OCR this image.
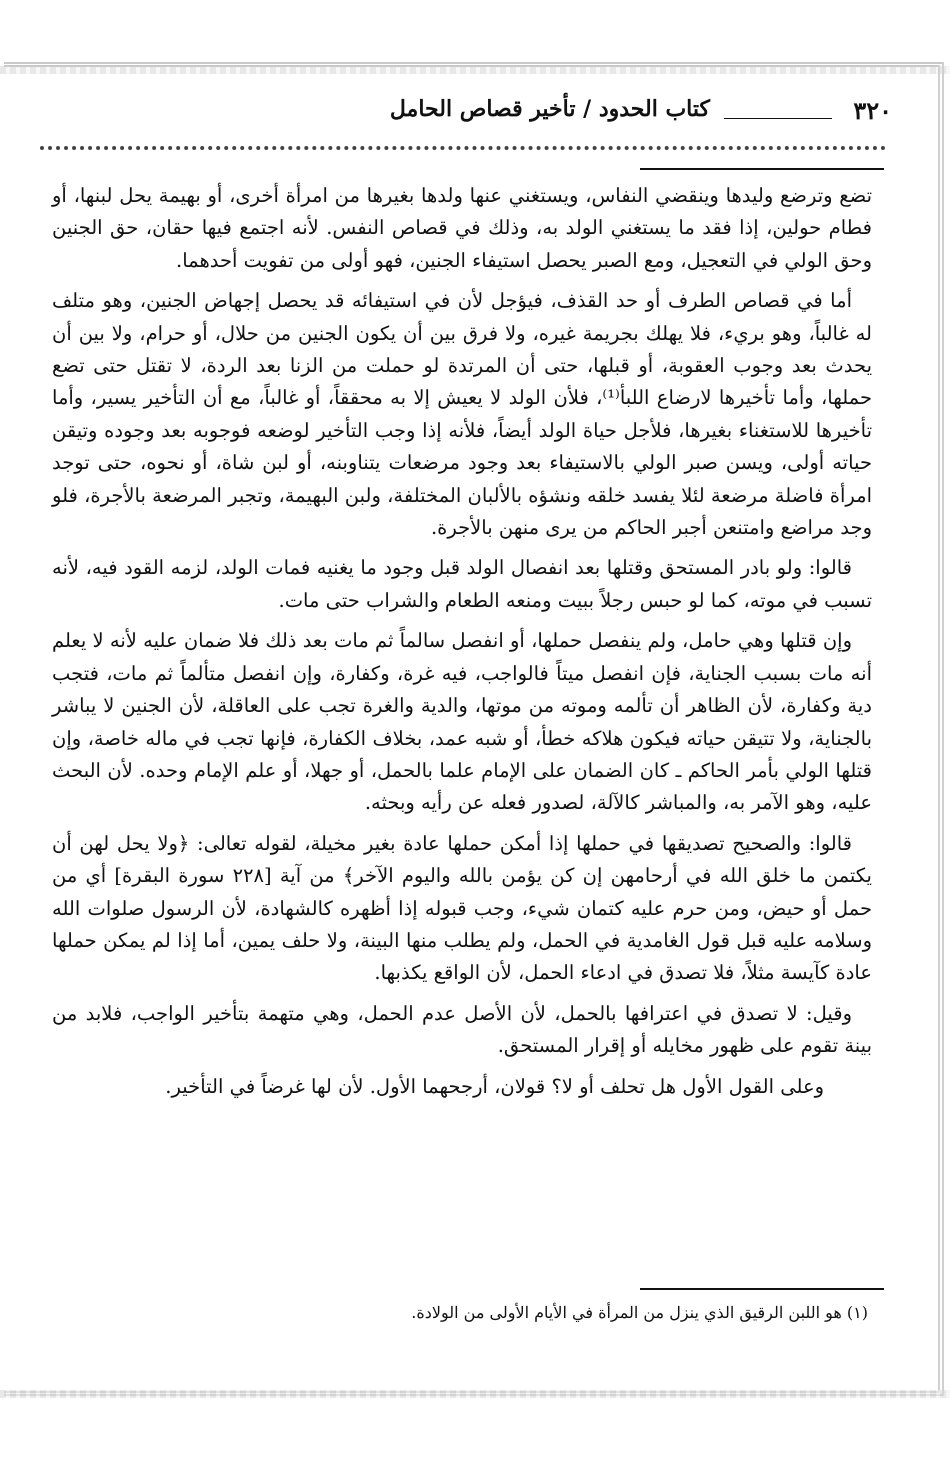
٣٢٠
كتاب الحدود / تأخير قصاص الحامل

تضع وترضع وليدها وينقضي النفاس، ويستغني عنها ولدها بغيرها من امرأة أخرى، أو بهيمة يحل لبنها، أو فطام حولين، إذا فقد ما يستغني الولد به، وذلك في قصاص النفس. لأنه اجتمع فيها حقان، حق الجنين وحق الولي في التعجيل، ومع الصبر يحصل استيفاء الجنين، فهو أولى من تفويت أحدهما.

أما في قصاص الطرف أو حد القذف، فيؤجل لأن في استيفائه قد يحصل إجهاض الجنين، وهو متلف له غالباً، وهو بريء، فلا يهلك بجريمة غيره، ولا فرق بين أن يكون الجنين من حلال، أو حرام، ولا بين أن يحدث بعد وجوب العقوبة، أو قبلها، حتى أن المرتدة لو حملت من الزنا بعد الردة، لا تقتل حتى تضع حملها، وأما تأخيرها لارضاع اللبأ⁽¹⁾، فلأن الولد لا يعيش إلا به محققاً، أو غالباً، مع أن التأخير يسير، وأما تأخيرها للاستغناء بغيرها، فلأجل حياة الولد أيضاً، فلأنه إذا وجب التأخير لوضعه فوجوبه بعد وجوده وتيقن حياته أولى، ويسن صبر الولي بالاستيفاء بعد وجود مرضعات يتناوبنه، أو لبن شاة، أو نحوه، حتى توجد امرأة فاضلة مرضعة لئلا يفسد خلقه ونشؤه بالألبان المختلفة، ولبن البهيمة، وتجبر المرضعة بالأجرة، فلو وجد مراضع وامتنعن أجبر الحاكم من يرى منهن بالأجرة.

قالوا: ولو بادر المستحق وقتلها بعد انفصال الولد قبل وجود ما يغنيه فمات الولد، لزمه القود فيه، لأنه تسبب في موته، كما لو حبس رجلاً ببيت ومنعه الطعام والشراب حتى مات.

وإن قتلها وهي حامل، ولم ينفصل حملها، أو انفصل سالماً ثم مات بعد ذلك فلا ضمان عليه لأنه لا يعلم أنه مات بسبب الجناية، فإن انفصل ميتاً فالواجب، فيه غرة، وكفارة، وإن انفصل متألماً ثم مات، فتجب دية وكفارة، لأن الظاهر أن تألمه وموته من موتها، والدية والغرة تجب على العاقلة، لأن الجنين لا يباشر بالجناية، ولا تتيقن حياته فيكون هلاكه خطأ، أو شبه عمد، بخلاف الكفارة، فإنها تجب في ماله خاصة، وإن قتلها الولي بأمر الحاكم ـ كان الضمان على الإمام علما بالحمل، أو جهلا، أو علم الإمام وحده. لأن البحث عليه، وهو الآمر به، والمباشر كالآلة، لصدور فعله عن رأيه وبحثه.

قالوا: والصحيح تصديقها في حملها إذا أمكن حملها عادة بغير مخيلة، لقوله تعالى: ﴿ولا يحل لهن أن يكتمن ما خلق الله في أرحامهن إن كن يؤمن بالله واليوم الآخر﴾ من آية [٢٢٨ سورة البقرة] أي من حمل أو حيض، ومن حرم عليه كتمان شيء، وجب قبوله إذا أظهره كالشهادة، لأن الرسول صلوات الله وسلامه عليه قبل قول الغامدية في الحمل، ولم يطلب منها البينة، ولا حلف يمين، أما إذا لم يمكن حملها عادة كآيسة مثلاً، فلا تصدق في ادعاء الحمل، لأن الواقع يكذبها.

وقيل: لا تصدق في اعترافها بالحمل، لأن الأصل عدم الحمل، وهي متهمة بتأخير الواجب، فلابد من بينة تقوم على ظهور مخايله أو إقرار المستحق.

وعلى القول الأول هل تحلف أو لا؟ قولان، أرجحهما الأول. لأن لها غرضاً في التأخير.

(١) هو اللبن الرقيق الذي ينزل من المرأة في الأيام الأولى من الولادة.
